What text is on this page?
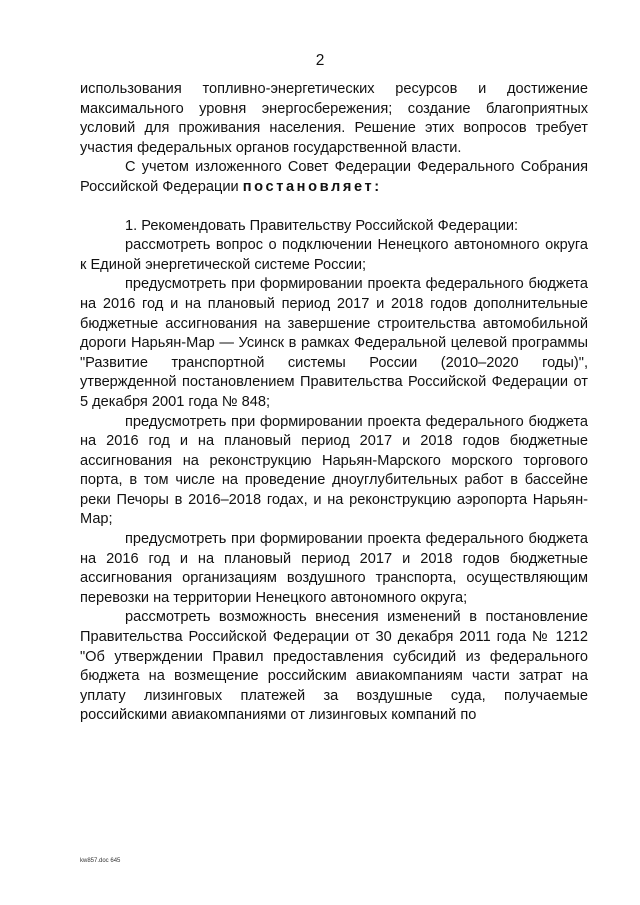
2

использования топливно-энергетических ресурсов и достижение максимального уровня энергосбережения; создание благоприятных условий для проживания населения. Решение этих вопросов требует участия федеральных органов государственной власти.

С учетом изложенного Совет Федерации Федерального Собрания Российской Федерации постановляет:

1. Рекомендовать Правительству Российской Федерации:

рассмотреть вопрос о подключении Ненецкого автономного округа к Единой энергетической системе России;

предусмотреть при формировании проекта федерального бюджета на 2016 год и на плановый период 2017 и 2018 годов дополнительные бюджетные ассигнования на завершение строительства автомобильной дороги Нарьян-Мар — Усинск в рамках Федеральной целевой программы "Развитие транспортной системы России (2010–2020 годы)", утвержденной постановлением Правительства Российской Федерации от 5 декабря 2001 года № 848;

предусмотреть при формировании проекта федерального бюджета на 2016 год и на плановый период 2017 и 2018 годов бюджетные ассигнования на реконструкцию Нарьян-Марского морского торгового порта, в том числе на проведение дноуглубительных работ в бассейне реки Печоры в 2016–2018 годах, и на реконструкцию аэропорта Нарьян-Мар;

предусмотреть при формировании проекта федерального бюджета на 2016 год и на плановый период 2017 и 2018 годов бюджетные ассигнования организациям воздушного транспорта, осуществляющим перевозки на территории Ненецкого автономного округа;

рассмотреть возможность внесения изменений в постановление Правительства Российской Федерации от 30 декабря 2011 года № 1212 "Об утверждении Правил предоставления субсидий из федерального бюджета на возмещение российским авиакомпаниям части затрат на уплату лизинговых платежей за воздушные суда, получаемые российскими авиакомпаниями от лизинговых компаний по

kw857.doc 645
